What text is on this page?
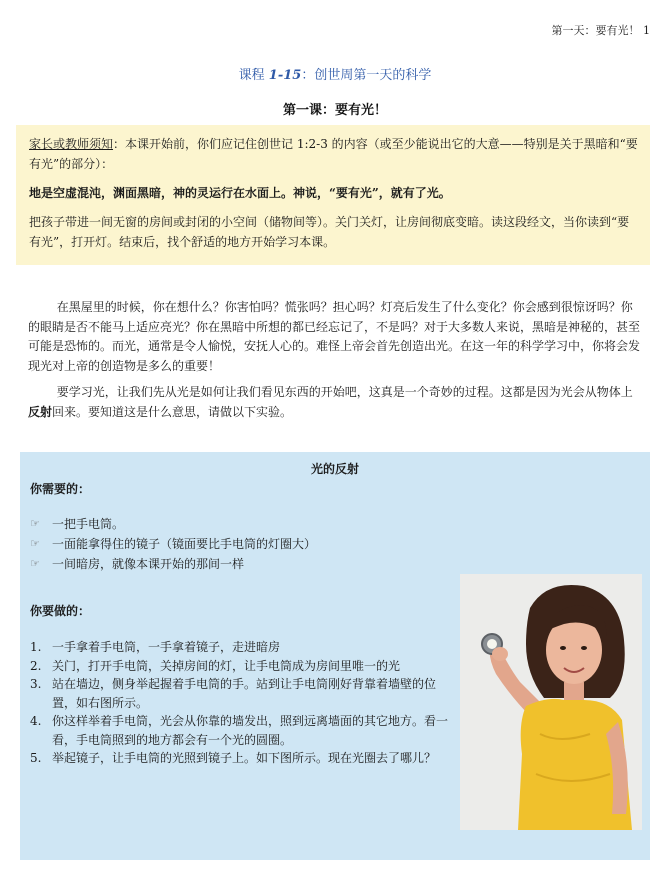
第一天：要有光！ 1
课程 1-15：创世周第一天的科学
第一课：要有光！

家长或教师须知：本课开始前，你们应记住创世记 1:2-3 的内容（或至少能说出它的大意——特别是关于黑暗和“要有光”的部分）：

地是空虚混沌，渊面黑暗，神的灵运行在水面上。神说，“要有光”，就有了光。

把孩子带进一间无窗的房间或封闭的小空间（储物间等）。关门关灯，让房间彻底变暗。读这段经文，当你读到“要有光”，打开灯。结束后，找个舒适的地方开始学习本课。

在黑屋里的时候，你在想什么？你害怕吗？慌张吗？担心吗？灯亮后发生了什么变化？你会感到很惊讶吗？你的眼睛是否不能马上适应亮光？你在黑暗中所想的都已经忘记了，不是吗？对于大多数人来说，黑暗是神秘的，甚至可能是恐怖的。而光，通常是令人愉悦，安抚人心的。难怪上帝会首先创造出光。在这一年的科学学习中，你将会发现光对上帝的创造物是多么的重要！

要学习光，让我们先从光是如何让我们看见东西的开始吧，这真是一个奇妙的过程。这都是因为光会从物体上反射回来。要知道这是什么意思，请做以下实验。

光的反射
你需要的：
☞	一把手电筒。
☞	一面能拿得住的镜子（镜面要比手电筒的灯圈大）
☞	一间暗房，就像本课开始的那间一样
你要做的：
1. 一手拿着手电筒，一手拿着镜子，走进暗房
2. 关门，打开手电筒，关掉房间的灯，让手电筒成为房间里唯一的光
3. 站在墙边，侧身举起握着手电筒的手。站到让手电筒刚好背靠着墙壁的位置，如右图所示。
4. 你这样举着手电筒，光会从你靠的墙发出，照到远离墙面的其它地方。看一看，手电筒照到的地方都会有一个光的圆圈。
5. 举起镜子，让手电筒的光照到镜子上。如下图所示。现在光圈去了哪儿？
